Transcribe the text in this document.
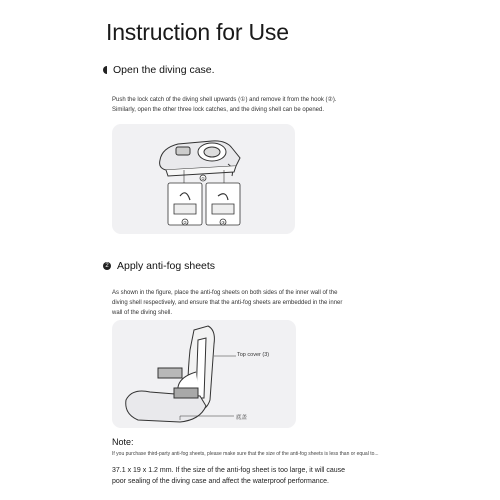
Instruction for Use
Open the diving case.
Push the lock catch of the diving shell upwards (①) and remove it from the hook (②).
Similarly, open the other three lock catches, and the diving shell can be opened.
①
②	③
2 Apply anti-fog sheets
As shown in the figure, place the anti-fog sheets on both sides of the inner wall of the
diving shell respectively, and ensure that the anti-fog sheets are embedded in the inner
wall of the diving shell.
Top cover (3)
底盖
Note:
If you purchase third-party anti-fog sheets, please make sure that the size of the anti-fog sheets is less than or equal to...
37.1 x 19 x 1.2 mm. If the size of the anti-fog sheet is too large, it will cause
poor sealing of the diving case and affect the waterproof performance.
